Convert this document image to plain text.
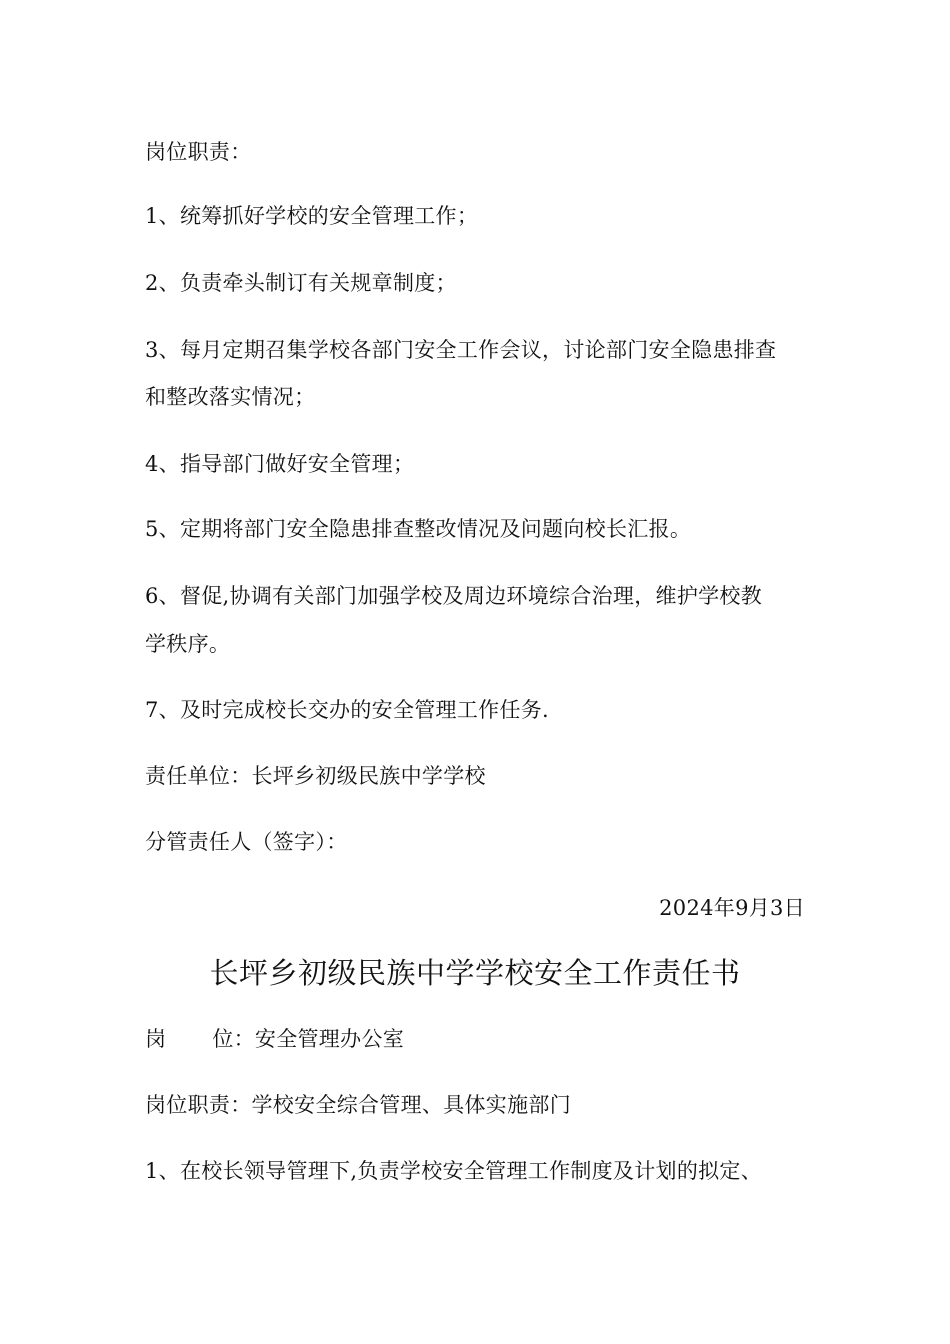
岗位职责：
1、统筹抓好学校的安全管理工作；
2、负责牵头制订有关规章制度；
3、每月定期召集学校各部门安全工作会议，讨论部门安全隐患排查
和整改落实情况；
4、指导部门做好安全管理；
5、定期将部门安全隐患排查整改情况及问题向校长汇报。
6、督促,协调有关部门加强学校及周边环境综合治理，维护学校教
学秩序。
7、及时完成校长交办的安全管理工作任务.
责任单位：长坪乡初级民族中学学校
分管责任人（签字）：
2024年9月3日
长坪乡初级民族中学学校安全工作责任书
岗 位：安全管理办公室
岗位职责：学校安全综合管理、具体实施部门
1、在校长领导管理下,负责学校安全管理工作制度及计划的拟定、
